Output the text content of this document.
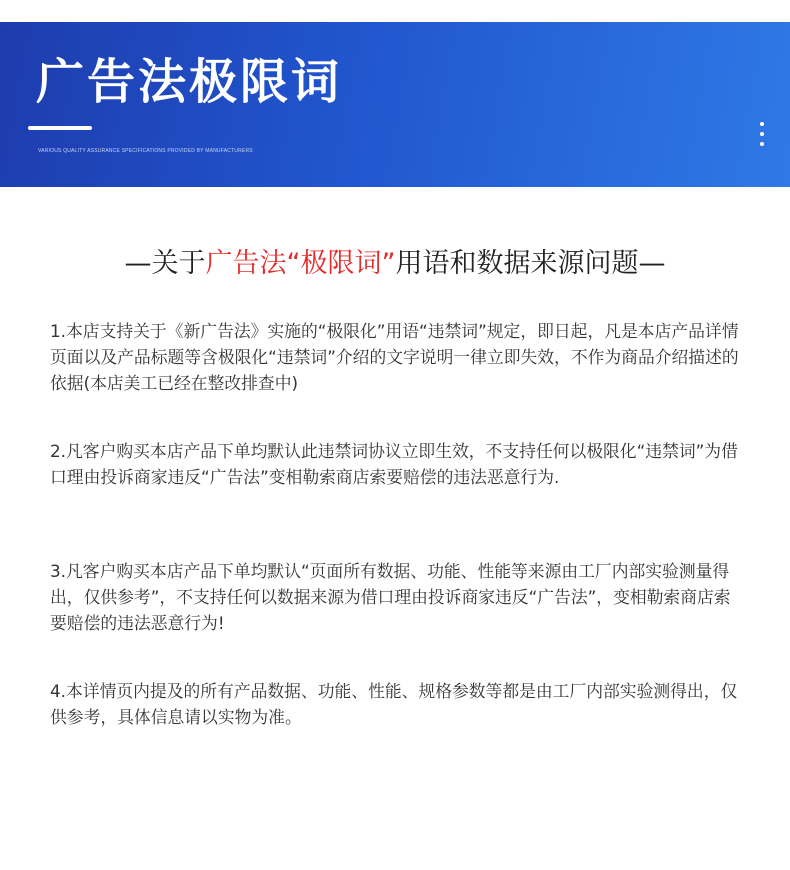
广告法极限词
VARIOUS QUALITY ASSURANCE SPECIFICATIONS PROVIDED BY MANUFACTURERS
—关于广告法“极限词”用语和数据来源问题—

1.本店支持关于《新广告法》实施的“极限化”用语“违禁词”规定，即日起，凡是本店产品详情页面以及产品标题等含极限化“违禁词”介绍的文字说明一律立即失效，不作为商品介绍描述的依据(本店美工已经在整改排查中)

2.凡客户购买本店产品下单均默认此违禁词协议立即生效，不支持任何以极限化“违禁词”为借口理由投诉商家违反“广告法”变相勒索商店索要赔偿的违法恶意行为.

3.凡客户购买本店产品下单均默认“页面所有数据、功能、性能等来源由工厂内部实验测量得出，仅供参考”，不支持任何以数据来源为借口理由投诉商家违反“广告法”，变相勒索商店索要赔偿的违法恶意行为!

4.本详情页内提及的所有产品数据、功能、性能、规格参数等都是由工厂内部实验测得出，仅供参考，具体信息请以实物为准。
